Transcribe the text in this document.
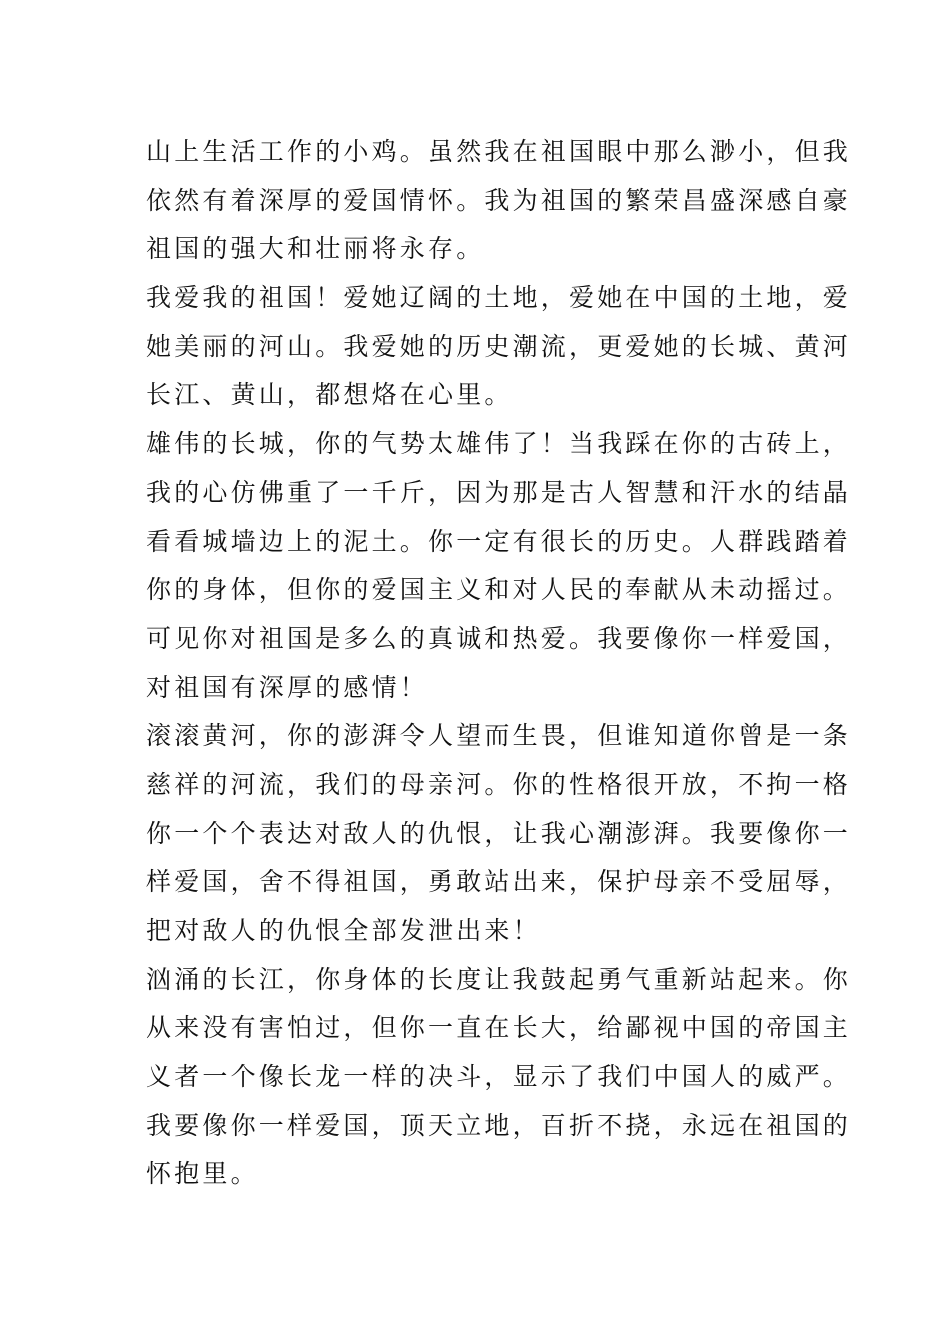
山上生活工作的小鸡。虽然我在祖国眼中那么渺小，但我
依然有着深厚的爱国情怀。我为祖国的繁荣昌盛深感自豪
祖国的强大和壮丽将永存。
我爱我的祖国！爱她辽阔的土地，爱她在中国的土地，爱
她美丽的河山。我爱她的历史潮流，更爱她的长城、黄河
长江、黄山，都想烙在心里。
雄伟的长城，你的气势太雄伟了！当我踩在你的古砖上，
我的心仿佛重了一千斤，因为那是古人智慧和汗水的结晶
看看城墙边上的泥土。你一定有很长的历史。人群践踏着
你的身体，但你的爱国主义和对人民的奉献从未动摇过。
可见你对祖国是多么的真诚和热爱。我要像你一样爱国，
对祖国有深厚的感情！
滚滚黄河，你的澎湃令人望而生畏，但谁知道你曾是一条
慈祥的河流，我们的母亲河。你的性格很开放，不拘一格
你一个个表达对敌人的仇恨，让我心潮澎湃。我要像你一
样爱国，舍不得祖国，勇敢站出来，保护母亲不受屈辱，
把对敌人的仇恨全部发泄出来！
汹涌的长江，你身体的长度让我鼓起勇气重新站起来。你
从来没有害怕过，但你一直在长大，给鄙视中国的帝国主
义者一个像长龙一样的决斗，显示了我们中国人的威严。
我要像你一样爱国，顶天立地，百折不挠，永远在祖国的
怀抱里。
